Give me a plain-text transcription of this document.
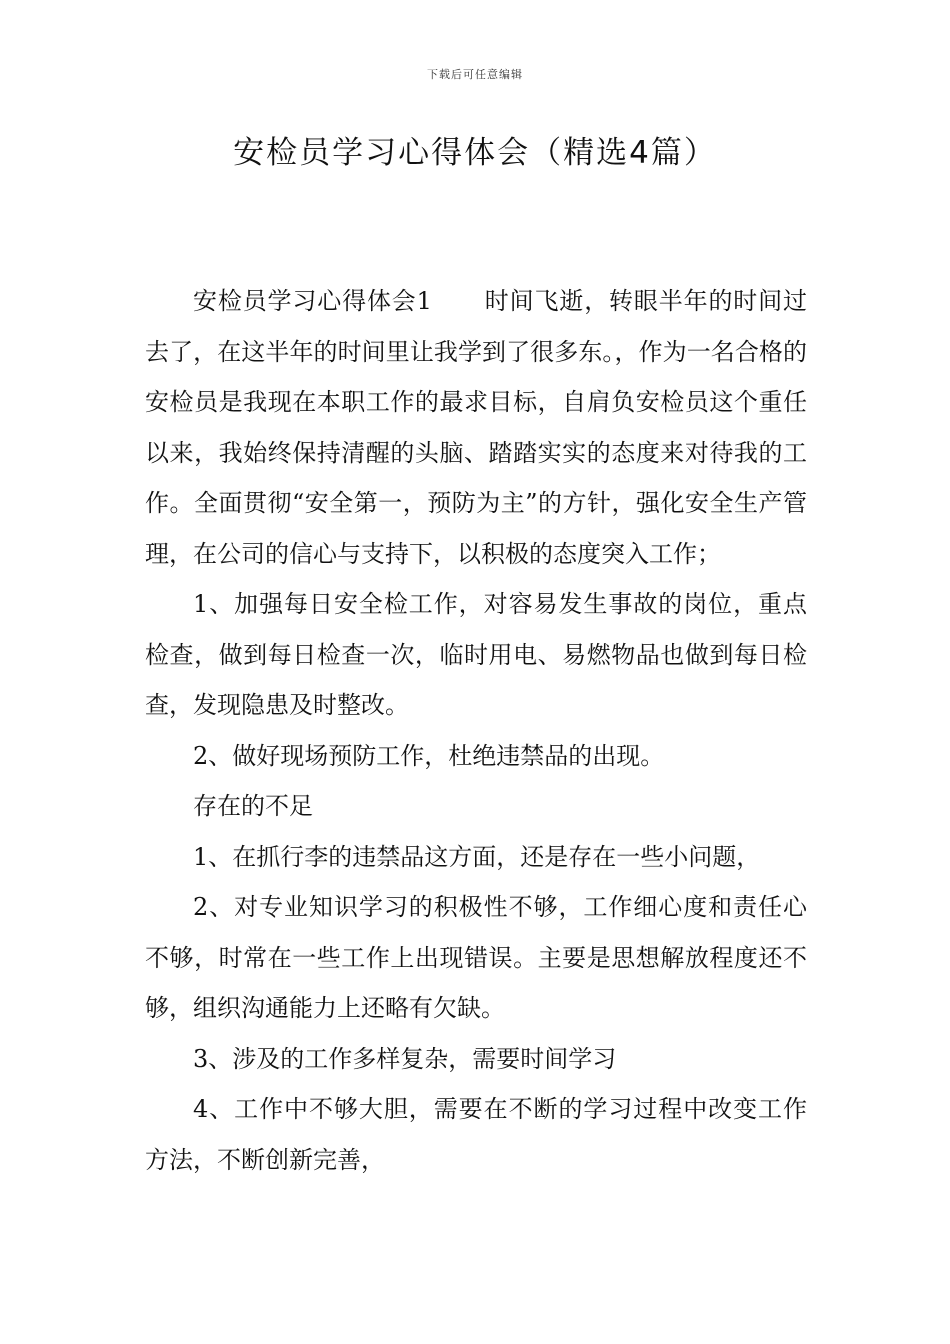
下载后可任意编辑
安检员学习心得体会（精选4篇）

安检员学习心得体会1 时间飞逝，转眼半年的时间过去了，在这半年的时间里让我学到了很多东。，作为一名合格的安检员是我现在本职工作的最求目标，自肩负安检员这个重任以来，我始终保持清醒的头脑、踏踏实实的态度来对待我的工作。全面贯彻“安全第一，预防为主”的方针，强化安全生产管理，在公司的信心与支持下，以积极的态度突入工作；

1、加强每日安全检工作，对容易发生事故的岗位，重点检查，做到每日检查一次，临时用电、易燃物品也做到每日检查，发现隐患及时整改。

2、做好现场预防工作，杜绝违禁品的出现。

存在的不足

1、在抓行李的违禁品这方面，还是存在一些小问题，

2、对专业知识学习的积极性不够，工作细心度和责任心不够，时常在一些工作上出现错误。主要是思想解放程度还不够，组织沟通能力上还略有欠缺。

3、涉及的工作多样复杂，需要时间学习

4、工作中不够大胆，需要在不断的学习过程中改变工作方法，不断创新完善，
